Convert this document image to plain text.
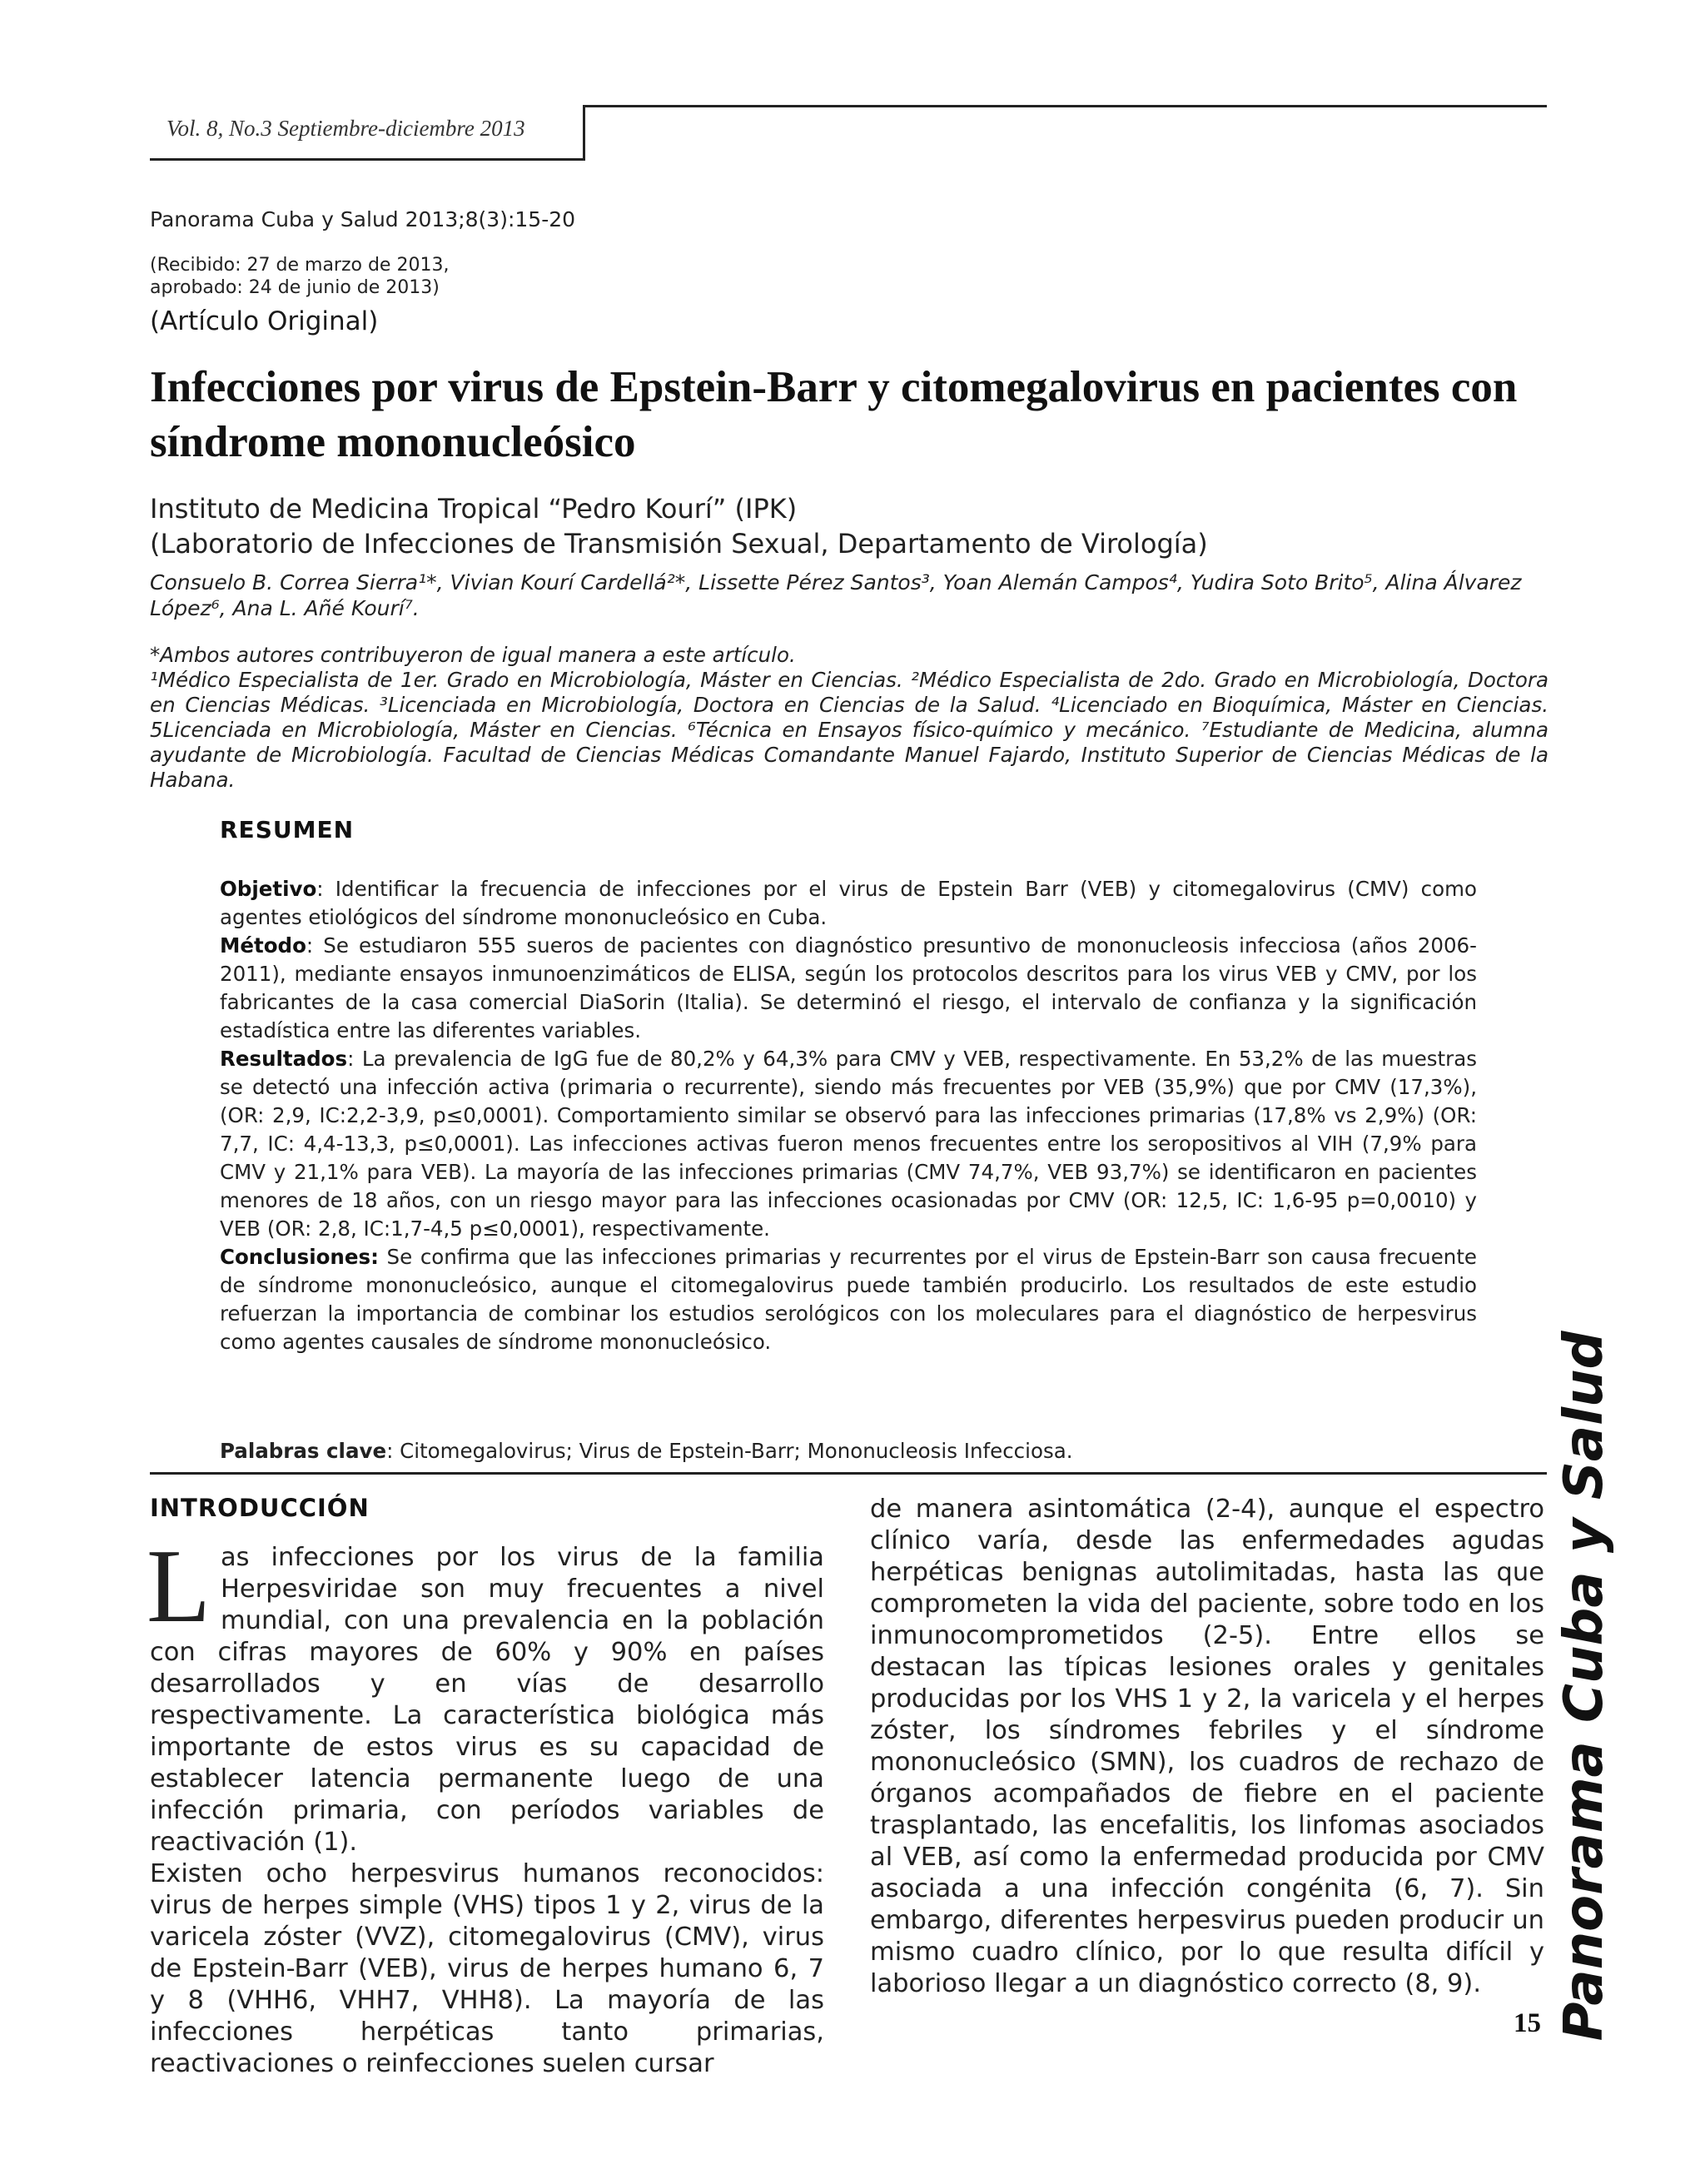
Vol. 8, No.3 Septiembre-diciembre 2013
Panorama Cuba y Salud 2013;8(3):15-20
(Recibido: 27 de marzo de 2013,
aprobado: 24 de junio de 2013)
(Artículo Original)
Infecciones por virus de Epstein-Barr y citomegalovirus en pacientes con síndrome mononucleósico
Instituto de Medicina Tropical “Pedro Kourí” (IPK)
(Laboratorio de Infecciones de Transmisión Sexual, Departamento de Virología)
Consuelo B. Correa Sierra¹*, Vivian Kourí Cardellá²*, Lissette Pérez Santos³, Yoan Alemán Campos⁴, Yudira Soto Brito⁵, Alina Álvarez López⁶, Ana L. Añé Kourí⁷.

*Ambos autores contribuyeron de igual manera a este artículo.

¹Médico Especialista de 1er. Grado en Microbiología, Máster en Ciencias. ²Médico Especialista de 2do. Grado en Microbiología, Doctora en Ciencias Médicas. ³Licenciada en Microbiología, Doctora en Ciencias de la Salud. ⁴Licenciado en Bioquímica, Máster en Ciencias. 5Licenciada en Microbiología, Máster en Ciencias. ⁶Técnica en Ensayos físico-químico y mecánico. ⁷Estudiante de Medicina, alumna ayudante de Microbiología. Facultad de Ciencias Médicas Comandante Manuel Fajardo, Instituto Superior de Ciencias Médicas de la Habana.

RESUMEN

Objetivo: Identificar la frecuencia de infecciones por el virus de Epstein Barr (VEB) y citomegalovirus (CMV) como agentes etiológicos del síndrome mononucleósico en Cuba.

Método: Se estudiaron 555 sueros de pacientes con diagnóstico presuntivo de mononucleosis infecciosa (años 2006-2011), mediante ensayos inmunoenzimáticos de ELISA, según los protocolos descritos para los virus VEB y CMV, por los fabricantes de la casa comercial DiaSorin (Italia). Se determinó el riesgo, el intervalo de confianza y la significación estadística entre las diferentes variables.

Resultados: La prevalencia de IgG fue de 80,2% y 64,3% para CMV y VEB, respectivamente. En 53,2% de las muestras se detectó una infección activa (primaria o recurrente), siendo más frecuentes por VEB (35,9%) que por CMV (17,3%), (OR: 2,9, IC:2,2-3,9, p≤0,0001). Comportamiento similar se observó para las infecciones primarias (17,8% vs 2,9%) (OR: 7,7, IC: 4,4-13,3, p≤0,0001). Las infecciones activas fueron menos frecuentes entre los seropositivos al VIH (7,9% para CMV y 21,1% para VEB). La mayoría de las infecciones primarias (CMV 74,7%, VEB 93,7%) se identificaron en pacientes menores de 18 años, con un riesgo mayor para las infecciones ocasionadas por CMV (OR: 12,5, IC: 1,6-95 p=0,0010) y VEB (OR: 2,8, IC:1,7-4,5 p≤0,0001), respectivamente.

Conclusiones: Se confirma que las infecciones primarias y recurrentes por el virus de Epstein-Barr son causa frecuente de síndrome mononucleósico, aunque el citomegalovirus puede también producirlo. Los resultados de este estudio refuerzan la importancia de combinar los estudios serológicos con los moleculares para el diagnóstico de herpesvirus como agentes causales de síndrome mononucleósico.

Palabras clave: Citomegalovirus; Virus de Epstein-Barr; Mononucleosis Infecciosa.
INTRODUCCIÓN

Las infecciones por los virus de la familia Herpesviridae son muy frecuentes a nivel mundial, con una prevalencia en la población con cifras mayores de 60% y 90% en países desarrollados y en vías de desarrollo respectivamente. La característica biológica más importante de estos virus es su capacidad de establecer latencia permanente luego de una infección primaria, con períodos variables de reactivación (1).

Existen ocho herpesvirus humanos reconocidos: virus de herpes simple (VHS) tipos 1 y 2, virus de la varicela zóster (VVZ), citomegalovirus (CMV), virus de Epstein-Barr (VEB), virus de herpes humano 6, 7 y 8 (VHH6, VHH7, VHH8). La mayoría de las infecciones herpéticas tanto primarias, reactivaciones o reinfecciones suelen cursar

de manera asintomática (2-4), aunque el espectro clínico varía, desde las enfermedades agudas herpéticas benignas autolimitadas, hasta las que comprometen la vida del paciente, sobre todo en los inmunocomprometidos (2-5). Entre ellos se destacan las típicas lesiones orales y genitales producidas por los VHS 1 y 2, la varicela y el herpes zóster, los síndromes febriles y el síndrome mononucleósico (SMN), los cuadros de rechazo de órganos acompañados de fiebre en el paciente trasplantado, las encefalitis, los linfomas asociados al VEB, así como la enfermedad producida por CMV asociada a una infección congénita (6, 7). Sin embargo, diferentes herpesvirus pueden producir un mismo cuadro clínico, por lo que resulta difícil y laborioso llegar a un diagnóstico correcto (8, 9).	Panorama Cuba y Salud
15
